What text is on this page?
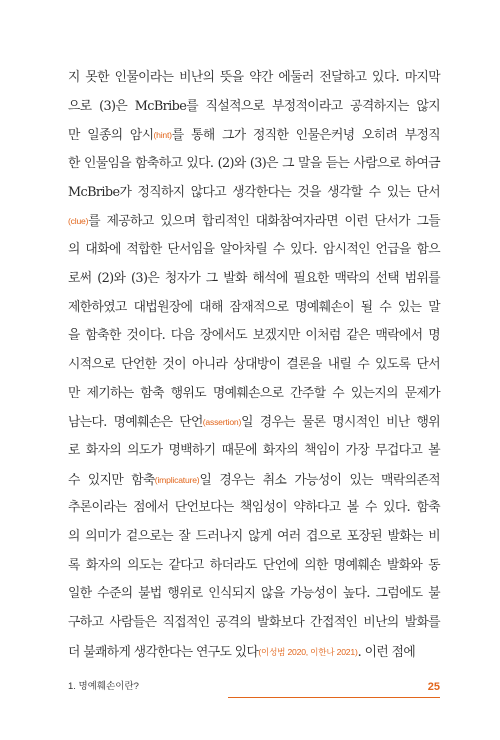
지 못한 인물이라는 비난의 뜻을 약간 에둘러 전달하고 있다. 마지막
으로 (3)은 McBribe를 직설적으로 부정적이라고 공격하지는 않지
만 일종의 암시(hint)를 통해 그가 정직한 인물은커녕 오히려 부정직
한 인물임을 함축하고 있다. (2)와 (3)은 그 말을 듣는 사람으로 하여금
McBribe가 정직하지 않다고 생각한다는 것을 생각할 수 있는 단서
(clue)를 제공하고 있으며 합리적인 대화참여자라면 이런 단서가 그들
의 대화에 적합한 단서임을 알아차릴 수 있다. 암시적인 언급을 함으
로써 (2)와 (3)은 청자가 그 발화 해석에 필요한 맥락의 선택 범위를
제한하였고 대법원장에 대해 잠재적으로 명예훼손이 될 수 있는 말
을 함축한 것이다. 다음 장에서도 보겠지만 이처럼 같은 맥락에서 명
시적으로 단언한 것이 아니라 상대방이 결론을 내릴 수 있도록 단서
만 제기하는 함축 행위도 명예훼손으로 간주할 수 있는지의 문제가
남는다. 명예훼손은 단언(assertion)일 경우는 물론 명시적인 비난 행위
로 화자의 의도가 명백하기 때문에 화자의 책임이 가장 무겁다고 볼
수 있지만 함축(implicature)일 경우는 취소 가능성이 있는 맥락의존적
추론이라는 점에서 단언보다는 책임성이 약하다고 볼 수 있다. 함축
의 의미가 겉으로는 잘 드러나지 않게 여러 겹으로 포장된 발화는 비
록 화자의 의도는 같다고 하더라도 단언에 의한 명예훼손 발화와 동
일한 수준의 불법 행위로 인식되지 않을 가능성이 높다. 그럼에도 불
구하고 사람들은 직접적인 공격의 발화보다 간접적인 비난의 발화를
더 불쾌하게 생각한다는 연구도 있다(이성범 2020, 이한나 2021). 이런 점에
1. 명예훼손이란?	25
